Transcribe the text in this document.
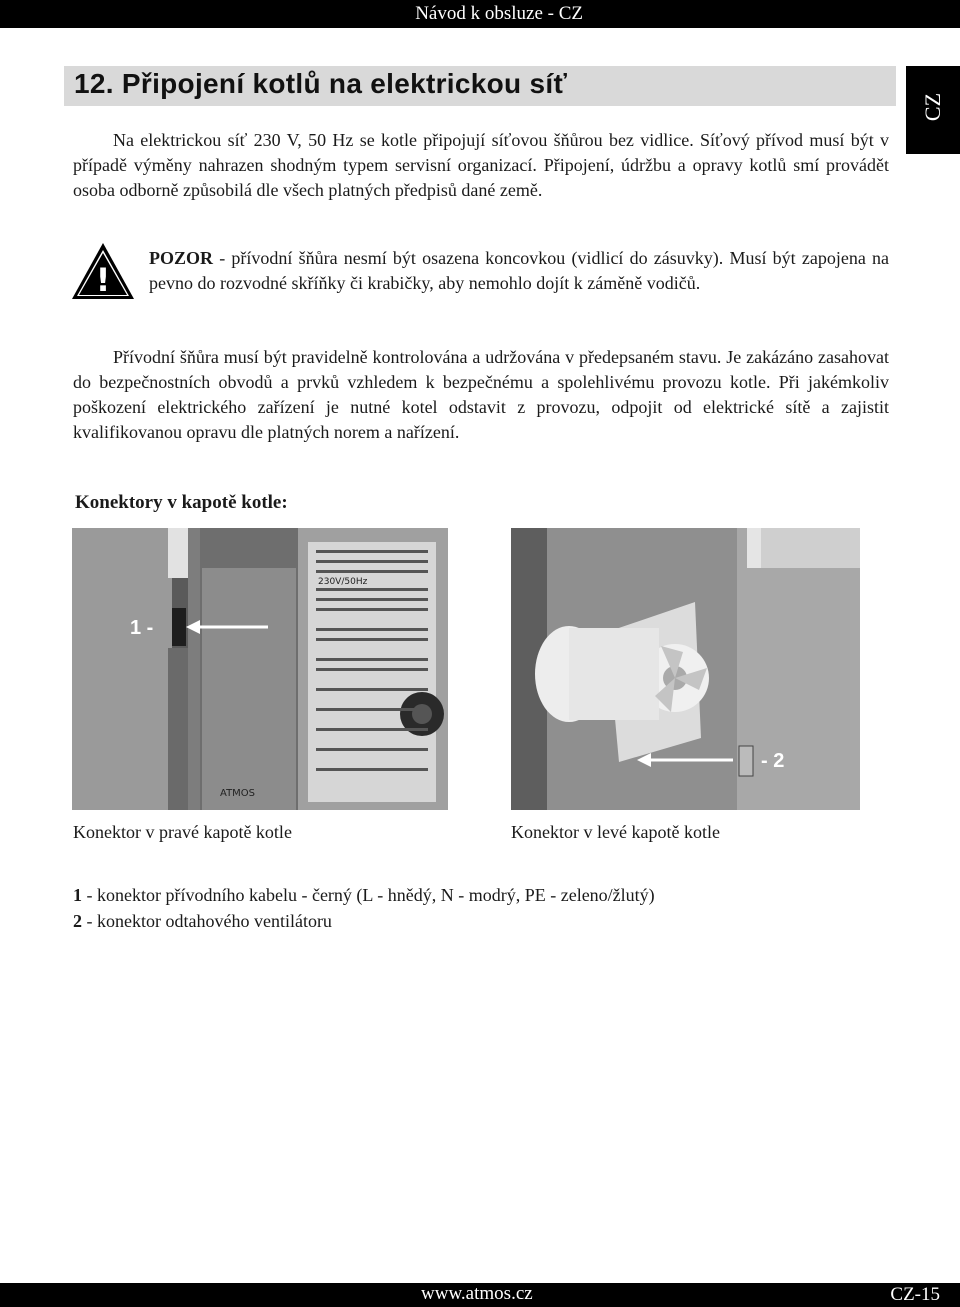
Návod k obsluze - CZ
CZ
12. Připojení kotlů na elektrickou síť
Na elektrickou síť 230 V, 50 Hz se kotle připojují síťovou šňůrou bez vidlice. Síťový přívod musí být v případě výměny nahrazen shodným typem servisní organizací. Připojení, údržbu a opravy kotlů smí provádět osoba odborně způsobilá dle všech platných předpisů dané země.
!
POZOR - přívodní šňůra nesmí být osazena koncovkou (vidlicí do zásuvky). Musí být zapojena na pevno do rozvodné skříňky či krabičky, aby nemohlo dojít k záměně vodičů.
Přívodní šňůra musí být pravidelně kontrolována a udržována v předepsaném stavu. Je zakázáno zasahovat do bezpečnostních obvodů a prvků vzhledem k bezpečnému a spolehlivému provozu kotle. Při jakémkoliv poškození elektrického zařízení je nutné kotel odstavit z provozu, odpojit od elektrické sítě a zajistit kvalifikovanou opravu dle platných norem a nařízení.
Konektory v kapotě kotle:
230V/50Hz
ATMOS
1 -
- 2
Konektor v pravé kapotě kotle	Konektor v levé kapotě kotle
1 - konektor přívodního kabelu - černý (L - hnědý, N - modrý, PE - zeleno/žlutý)
2 - konektor odtahového ventilátoru
www.atmos.cz	CZ-15
